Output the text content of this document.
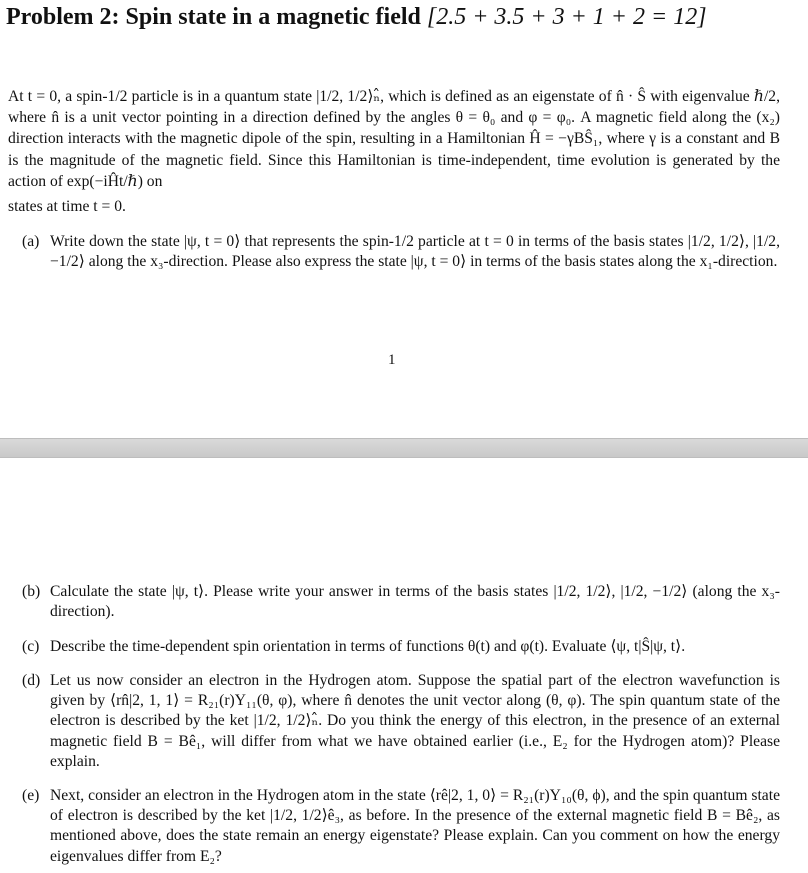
Problem 2: Spin state in a magnetic field [2.5 + 3.5 + 3 + 1 + 2 = 12]
At t = 0, a spin-1/2 particle is in a quantum state |1/2, 1/2⟩ₙ̂, which is defined as an eigenstate of n̂ · Ŝ with eigenvalue ℏ/2, where n̂ is a unit vector pointing in a direction defined by the angles θ = θ₀ and φ = φ₀. A magnetic field along the (x₂) direction interacts with the magnetic dipole of the spin, resulting in a Hamiltonian Ĥ = −γBŜ₁, where γ is a constant and B is the magnitude of the magnetic field. Since this Hamiltonian is time-independent, time evolution is generated by the action of exp(−iĤt/ℏ) on
states at time t = 0.
(a) Write down the state |ψ, t = 0⟩ that represents the spin-1/2 particle at t = 0 in terms of the basis states |1/2, 1/2⟩, |1/2, −1/2⟩ along the x₃-direction. Please also express the state |ψ, t = 0⟩ in terms of the basis states along the x₁-direction.
1
(b) Calculate the state |ψ, t⟩. Please write your answer in terms of the basis states |1/2, 1/2⟩, |1/2, −1/2⟩ (along the x₃-direction).
(c) Describe the time-dependent spin orientation in terms of functions θ(t) and φ(t). Evaluate ⟨ψ, t|Ŝ|ψ, t⟩.
(d) Let us now consider an electron in the Hydrogen atom. Suppose the spatial part of the electron wavefunction is given by ⟨rn̂|2, 1, 1⟩ = R₂₁(r)Y₁₁(θ, φ), where n̂ denotes the unit vector along (θ, φ). The spin quantum state of the electron is described by the ket |1/2, 1/2⟩ₙ̂. Do you think the energy of this electron, in the presence of an external magnetic field B = Bê₁, will differ from what we have obtained earlier (i.e., E₂ for the Hydrogen atom)? Please explain.
(e) Next, consider an electron in the Hydrogen atom in the state ⟨rê|2, 1, 0⟩ = R₂₁(r)Y₁₀(θ, ϕ), and the spin quantum state of electron is described by the ket |1/2, 1/2⟩ê₃, as before. In the presence of the external magnetic field B = Bê₂, as mentioned above, does the state remain an energy eigenstate? Please explain. Can you comment on how the energy eigenvalues differ from E₂?
